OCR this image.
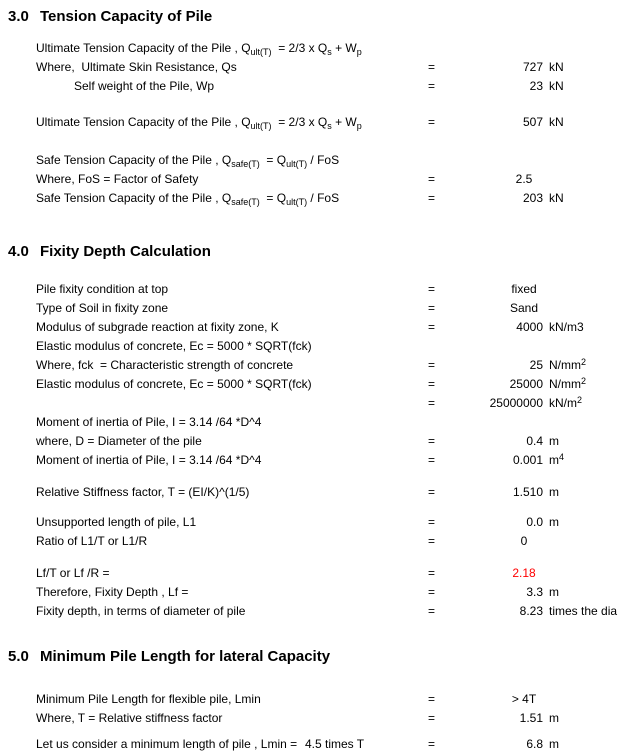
3.0 Tension Capacity of Pile
Ultimate Tension Capacity of the Pile , $Q_{ult(T)} = 2/3$ x $Q_s + W_p$
Where,  Ultimate Skin Resistance, Qs	=	727 kN
Self weight of the Pile, Wp	=	23 kN
Ultimate Tension Capacity of the Pile , $Q_{ult(T)} = 2/3$ x $Q_s + W_p$	=	507 kN
Safe Tension Capacity of the Pile , $Q_{safe(T)} = Q_{ult(T)}$ / FoS
Where, FoS = Factor of Safety	=	2.5
Safe Tension Capacity of the Pile , $Q_{safe(T)} = Q_{ult(T)}$ / FoS	=	203 kN
4.0 Fixity Depth Calculation
Pile fixity condition at top	=	fixed
Type of Soil in fixity zone	=	Sand
Modulus of subgrade reaction at fixity zone, K	=	4000 kN/m3
Elastic modulus of concrete, Ec = 5000 * SQRT(fck)
Where, fck  = Characteristic strength of concrete	=	25 $N/mm^2$
Elastic modulus of concrete, Ec = 5000 * SQRT(fck)	=	25000 $N/mm^2$
=	25000000 $kN/m^2$
Moment of inertia of Pile, I = 3.14 /64 *D^4
where, D = Diameter of the pile	=	0.4 m
Moment of inertia of Pile, I = 3.14 /64 *D^4	=	0.001 $m^4$
Relative Stiffness factor, T = (EI/K)^(1/5)	=	1.510 m
Unsupported length of pile, L1	=	0.0 m
Ratio of L1/T or L1/R	=	0
Lf/T or Lf /R =	=	2.18
Therefore, Fixity Depth , Lf =	=	3.3 m
Fixity depth, in terms of diameter of pile	=	8.23 times the dia
5.0 Minimum Pile Length for lateral Capacity
Minimum Pile Length for flexible pile, Lmin	=	> 4T
Where, T = Relative stiffness factor	=	1.51 m
Let us consider a minimum length of pile , Lmin = 4.5 times T	=	6.8 m
